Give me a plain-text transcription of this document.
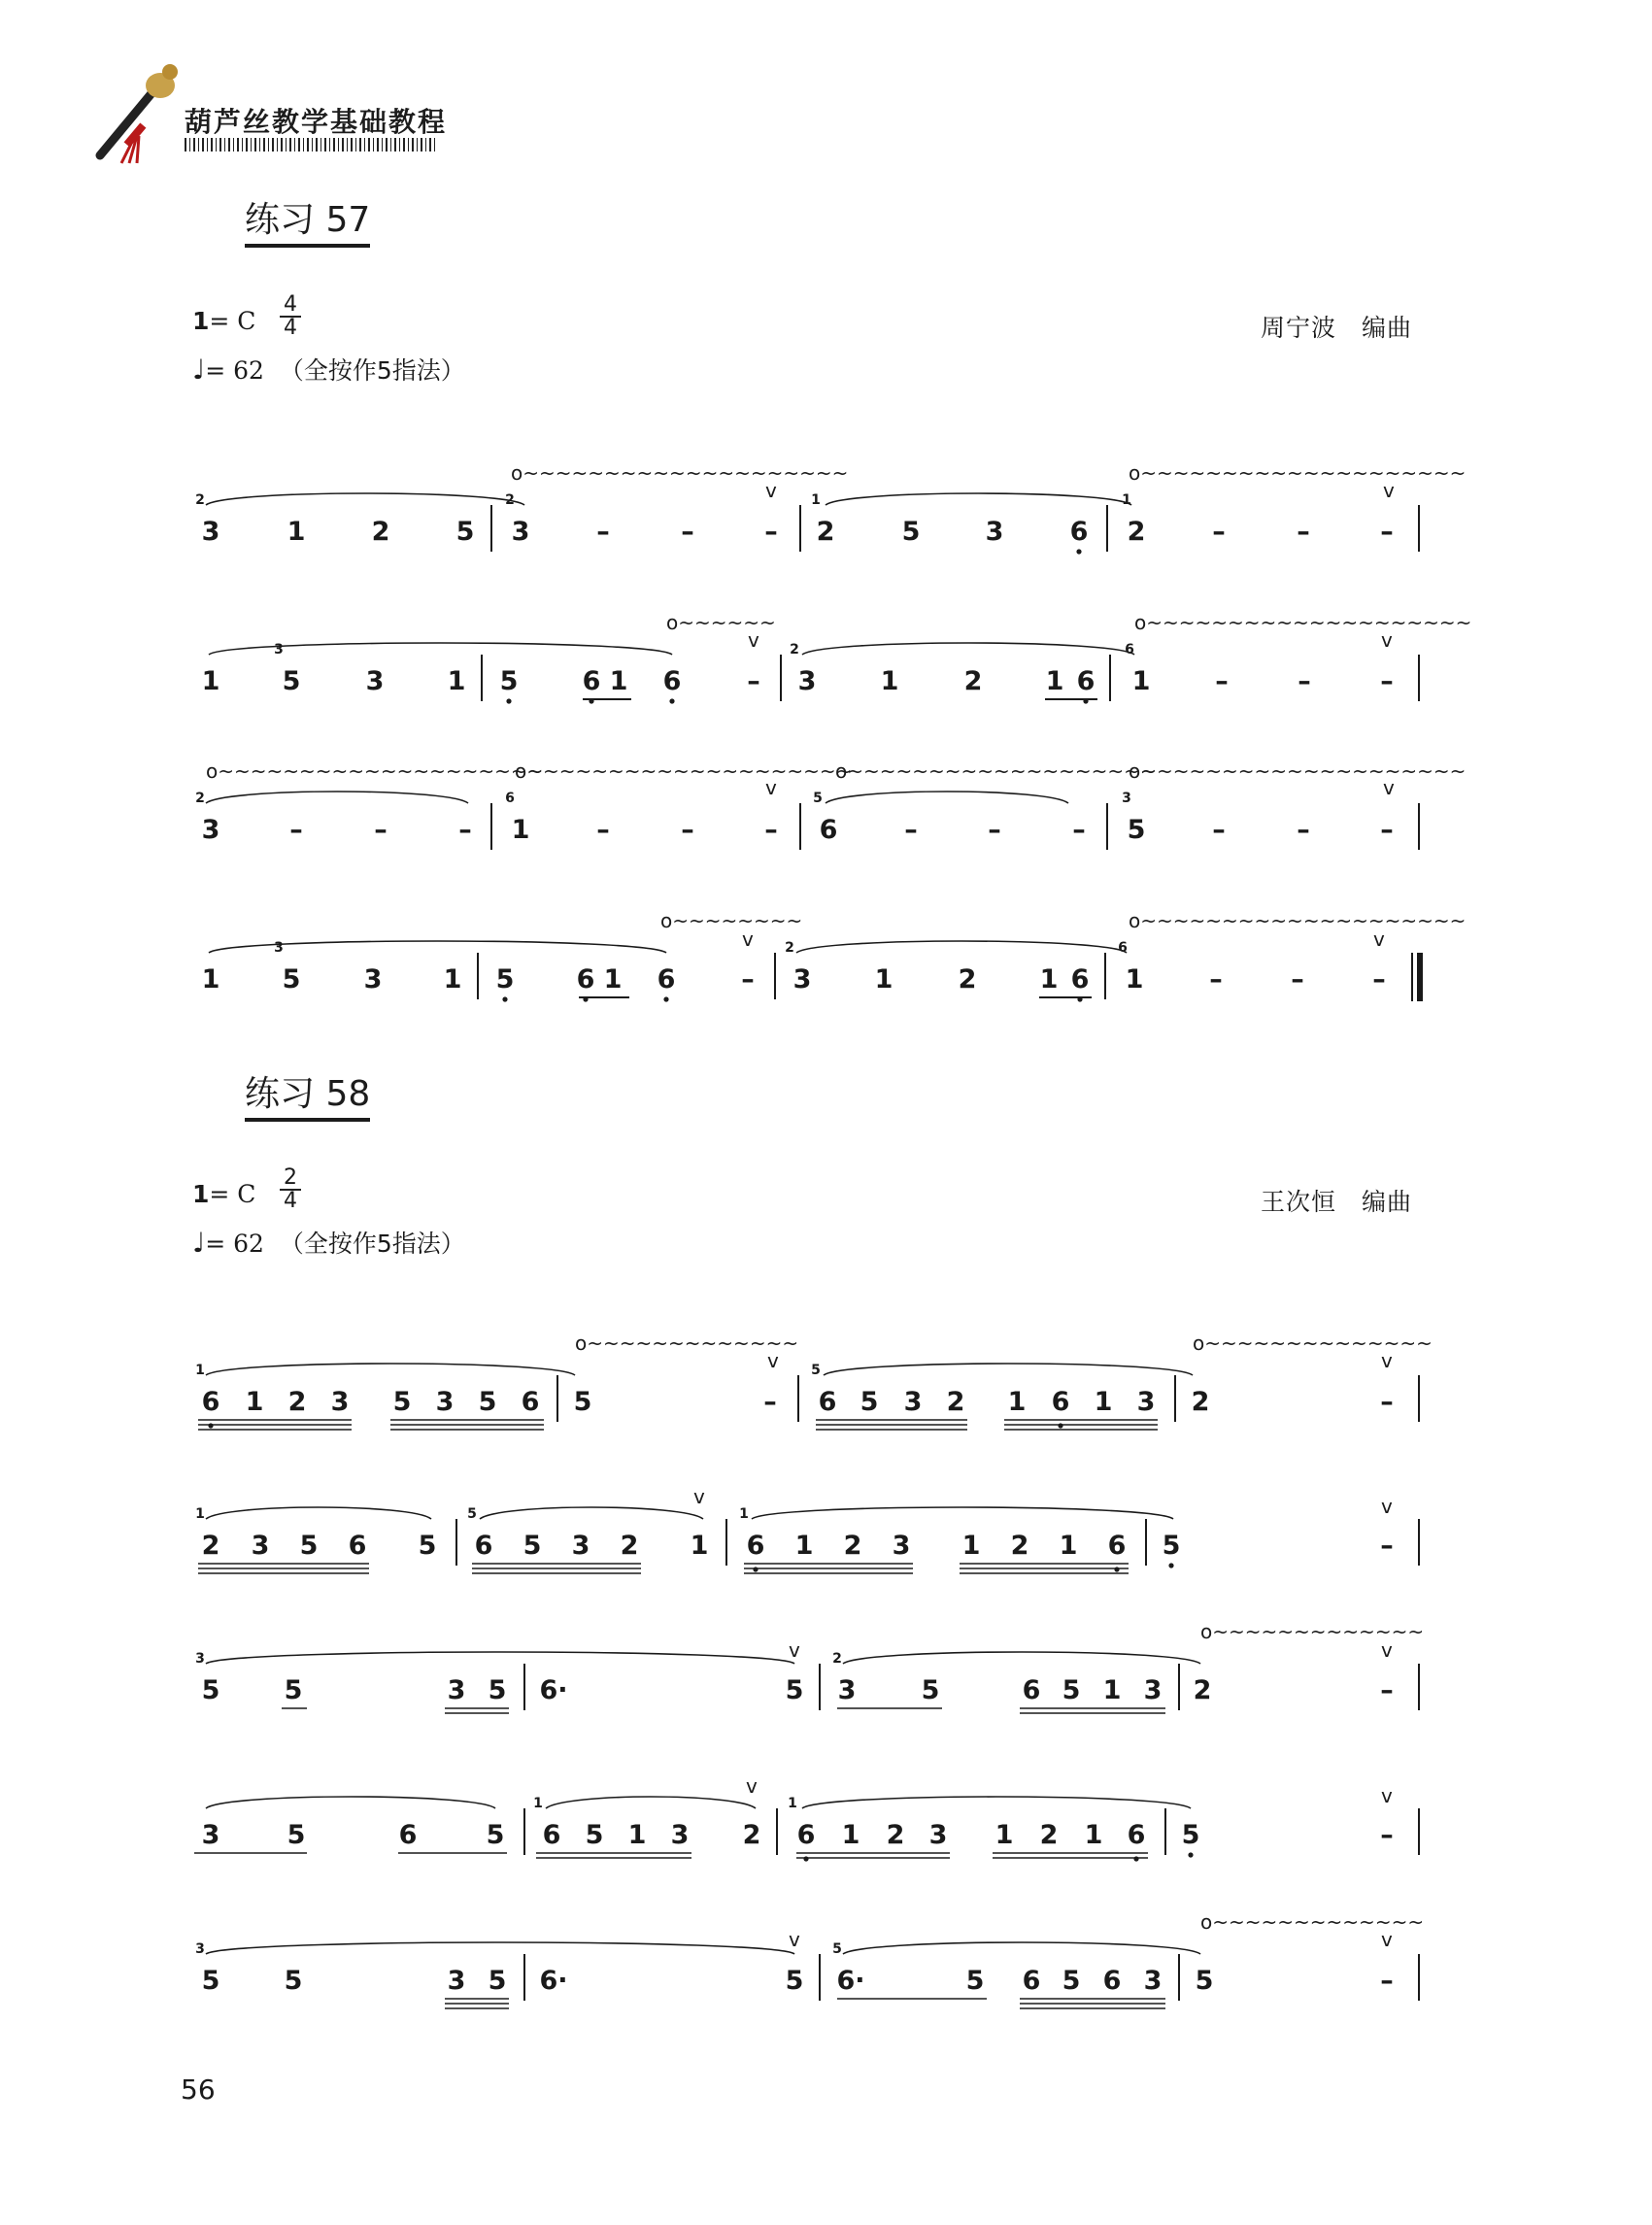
葫芦丝教学基础教程
练习 57
1= C
4
4
♩= 62 （全按作5指法）
周宁波　编曲
练习 58
1= C
2
4
♩= 62 （全按作5指法）
王次恒　编曲
o~~~~~~~~~~~~~~~~~~~~	o~~~~~~~~~~~~~~~~~~~~
v	v
o~~~~~~	o~~~~~~~~~~~~~~~~~~~~
v	v
o~~~~~~~~~~~~~~~~~~~~
o~~~~~~~~~~~~~~~~~~~~
o~~~~~~~~~~~~~~~~~~~
o~~~~~~~~~~~~~~~~~~~~
v	v
o~~~~~~~~	o~~~~~~~~~~~~~~~~~~~~
v	v
o~~~~~~~~~~~~~	o~~~~~~~~~~~~~~
v	v
v	v
o~~~~~~~~~~~~~
v	v
v	v
o~~~~~~~~~~~~~
v	v
3	1	2	5 3	–	–	– 2	5 3	6 2	–	–	–
2	2	1	1
1 5 3 1 5 6 1 6	– 3 1 2 1 6 1 –	–	–
3	2	6
3	–	–	– 1	–	–	– 6	–	–	– 5	–	–	–
2	6	5	3
1 5 3 1 5 6 1 6	– 3 1 2 1 6 1	–	–	–
3	2	6
6 1 2 3 5 3 5 6 5	– 6 5 3 2 1 6 1 3 2	–
1	5
2 3 5 6 5 6 5 3 2 1 6 1 2 3 1 2 1 6 5	–
1	5	1
5 5	3 5 6·	5 3 5	6 5 1 3 2	–
3	2
3	5	6	5 6 5 1 3 2 6 1 2 3 1 2 1 6 5	–
1	1
5 5	3 5 6·	5 6·	5 6 5 6 3 5	–
3	5
56
